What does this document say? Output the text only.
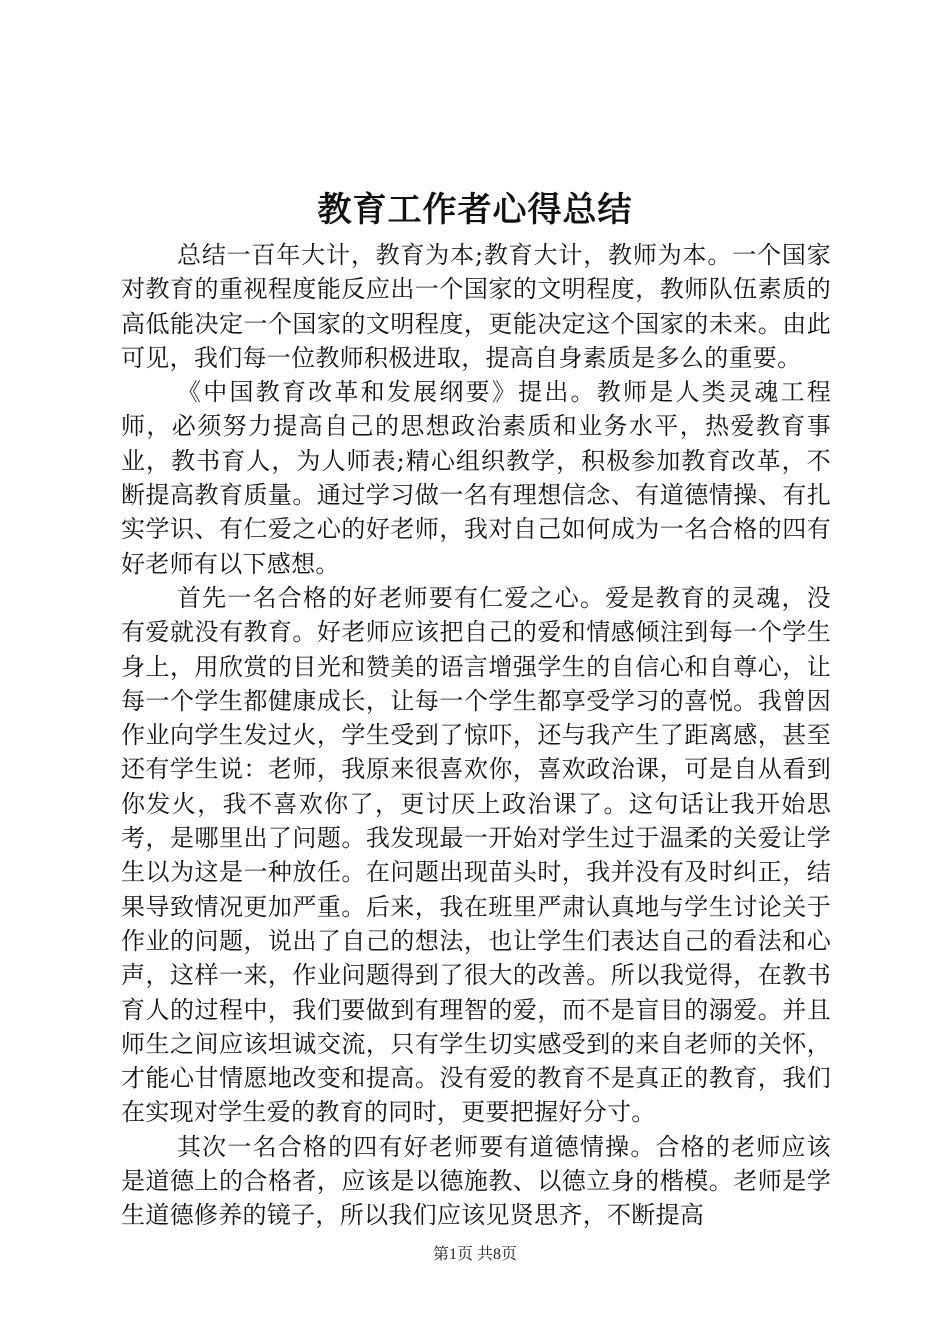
教育工作者心得总结

总结一百年大计，教育为本;教育大计，教师为本。一个国家对教育的重视程度能反应出一个国家的文明程度，教师队伍素质的高低能决定一个国家的文明程度，更能决定这个国家的未来。由此可见，我们每一位教师积极进取，提高自身素质是多么的重要。

《中国教育改革和发展纲要》提出。教师是人类灵魂工程师，必须努力提高自己的思想政治素质和业务水平，热爱教育事业，教书育人，为人师表;精心组织教学，积极参加教育改革，不断提高教育质量。通过学习做一名有理想信念、有道德情操、有扎实学识、有仁爱之心的好老师，我对自己如何成为一名合格的四有好老师有以下感想。

首先一名合格的好老师要有仁爱之心。爱是教育的灵魂，没有爱就没有教育。好老师应该把自己的爱和情感倾注到每一个学生身上，用欣赏的目光和赞美的语言增强学生的自信心和自尊心，让每一个学生都健康成长，让每一个学生都享受学习的喜悦。我曾因作业向学生发过火，学生受到了惊吓，还与我产生了距离感，甚至还有学生说：老师，我原来很喜欢你，喜欢政治课，可是自从看到你发火，我不喜欢你了，更讨厌上政治课了。这句话让我开始思考，是哪里出了问题。我发现最一开始对学生过于温柔的关爱让学生以为这是一种放任。在问题出现苗头时，我并没有及时纠正，结果导致情况更加严重。后来，我在班里严肃认真地与学生讨论关于作业的问题，说出了自己的想法，也让学生们表达自己的看法和心声，这样一来，作业问题得到了很大的改善。所以我觉得，在教书育人的过程中，我们要做到有理智的爱，而不是盲目的溺爱。并且师生之间应该坦诚交流，只有学生切实感受到的来自老师的关怀，才能心甘情愿地改变和提高。没有爱的教育不是真正的教育，我们在实现对学生爱的教育的同时，更要把握好分寸。

其次一名合格的四有好老师要有道德情操。合格的老师应该是道德上的合格者，应该是以德施教、以德立身的楷模。老师是学生道德修养的镜子，所以我们应该见贤思齐，不断提高

第1页 共8页
